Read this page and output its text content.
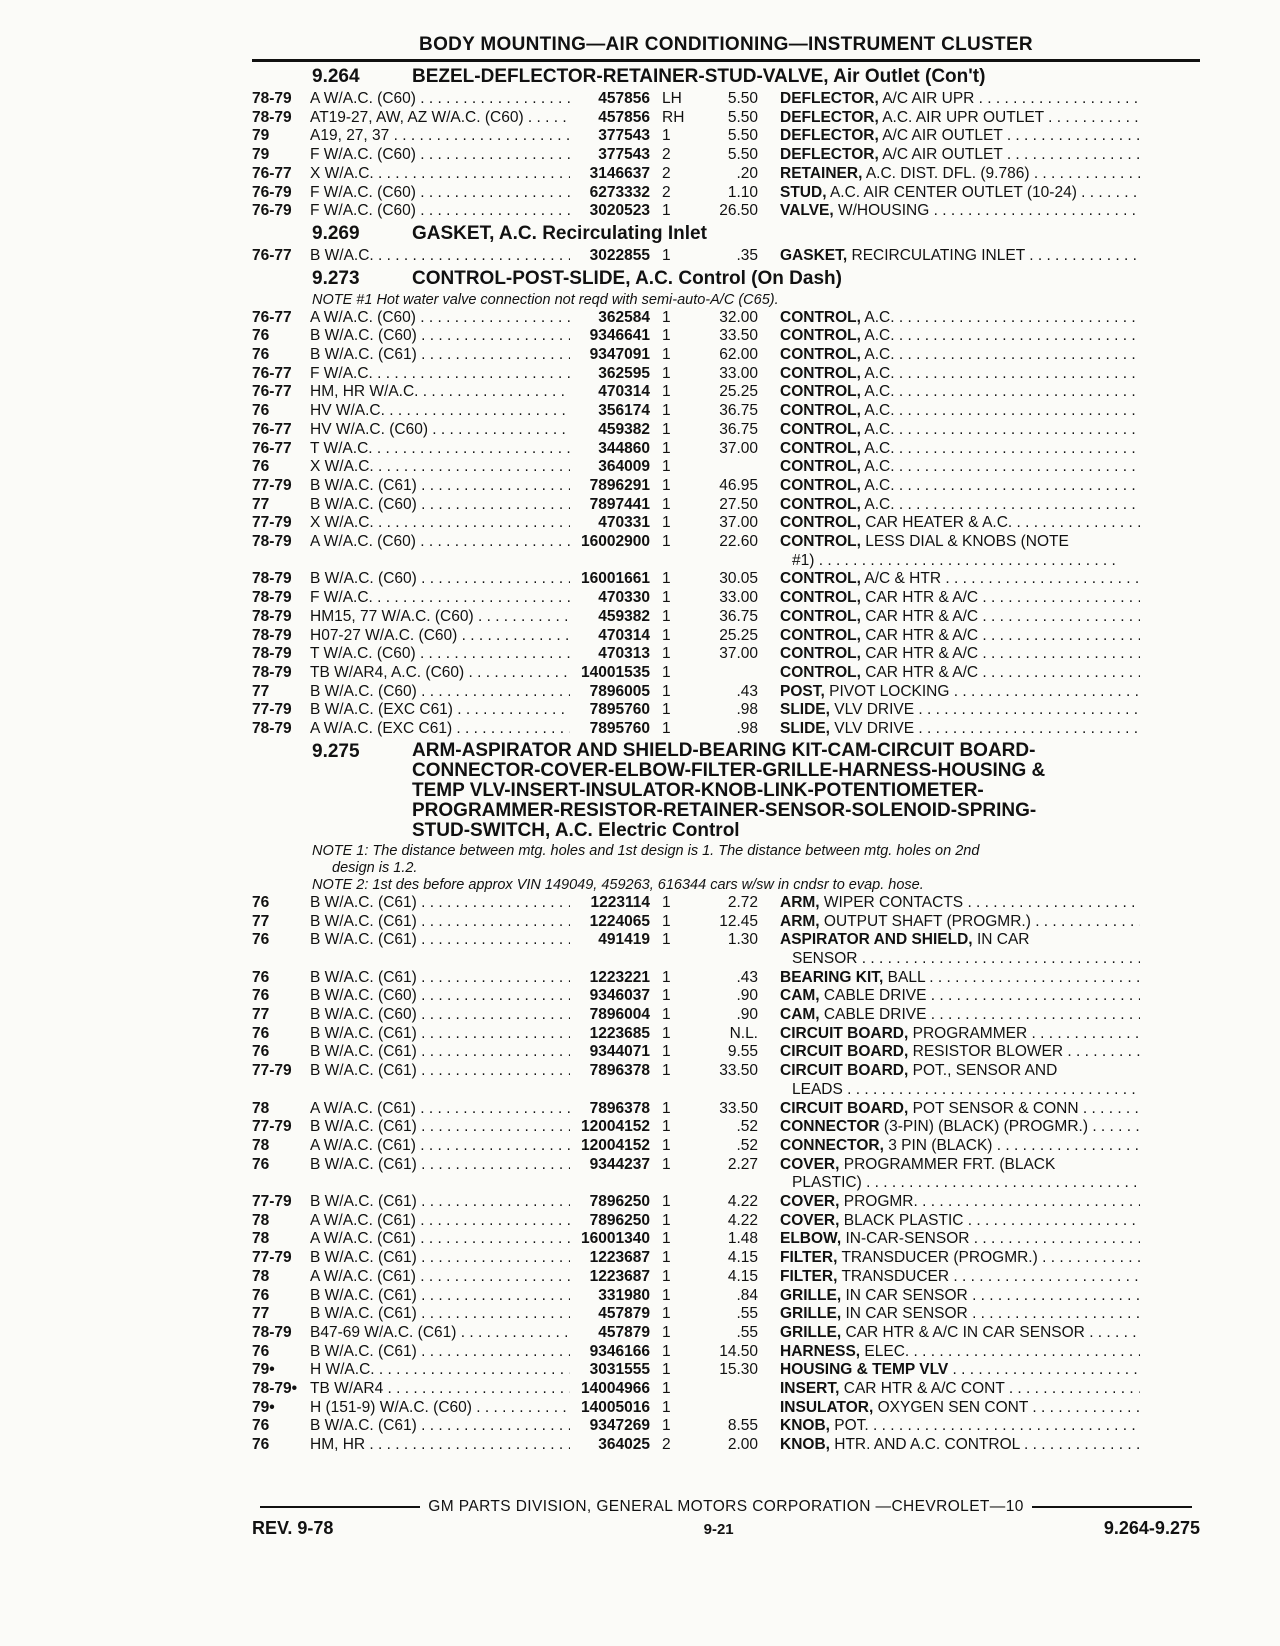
BODY MOUNTING—AIR CONDITIONING—INSTRUMENT CLUSTER
9.264	BEZEL-DEFLECTOR-RETAINER-STUD-VALVE, Air Outlet (Con't)
78-79	A W/A.C. (C60) . . .	457856 LH	5.50	DEFLECTOR, A/C AIR UPR . . .
78-79	AT19-27, AW, AZ W/A.C. (C60) . . .	457856 RH	5.50	DEFLECTOR, A.C. AIR UPR OUTLET . . .
79	A19, 27, 37 . . .	377543 1	5.50	DEFLECTOR, A/C AIR OUTLET . . .
79	F W/A.C. (C60) . . .	377543 2	5.50	DEFLECTOR, A/C AIR OUTLET . . .
76-77	X W/A.C. . . .	3146637 2	.20	RETAINER, A.C. DIST. DFL. (9.786) . . .
76-79	F W/A.C. (C60) . . .	6273332 2	1.10	STUD, A.C. AIR CENTER OUTLET (10-24) . . .
76-79	F W/A.C. (C60) . . .	3020523 1	26.50	VALVE, W/HOUSING . . .
9.269	GASKET, A.C. Recirculating Inlet
76-77	B W/A.C. . . .	3022855 1	.35	GASKET, RECIRCULATING INLET . . .
9.273	CONTROL-POST-SLIDE, A.C. Control (On Dash)
NOTE #1 Hot water valve connection not reqd with semi-auto-A/C (C65).
76-77	A W/A.C. (C60) . . .	362584 1	32.00	CONTROL, A.C. . . .
76	B W/A.C. (C60) . . .	9346641 1	33.50	CONTROL, A.C. . . .
76	B W/A.C. (C61) . . .	9347091 1	62.00	CONTROL, A.C. . . .
76-77	F W/A.C. . . .	362595 1	33.00	CONTROL, A.C. . . .
76-77	HM, HR W/A.C. . . .	470314 1	25.25	CONTROL, A.C. . . .
76	HV W/A.C. . . .	356174 1	36.75	CONTROL, A.C. . . .
76-77	HV W/A.C. (C60) . . .	459382 1	36.75	CONTROL, A.C. . . .
76-77	T W/A.C. . . .	344860 1	37.00	CONTROL, A.C. . . .
76	X W/A.C. . . .	364009 1	CONTROL, A.C. . . .
77-79	B W/A.C. (C61) . . .	7896291 1	46.95	CONTROL, A.C. . . .
77	B W/A.C. (C60) . . .	7897441 1	27.50	CONTROL, A.C. . . .
77-79	X W/A.C. . . .	470331 1	37.00	CONTROL, CAR HEATER & A.C. . . .
78-79	A W/A.C. (C60) . . .	16002900 1	22.60	CONTROL, LESS DIAL & KNOBS (NOTE
#1) . . .
78-79	B W/A.C. (C60) . . .	16001661 1	30.05	CONTROL, A/C & HTR . . .
78-79	F W/A.C. . . .	470330 1	33.00	CONTROL, CAR HTR & A/C . . .
78-79	HM15, 77 W/A.C. (C60) . . .	459382 1	36.75	CONTROL, CAR HTR & A/C . . .
78-79	H07-27 W/A.C. (C60) . . .	470314 1	25.25	CONTROL, CAR HTR & A/C . . .
78-79	T W/A.C. (C60) . . .	470313 1	37.00	CONTROL, CAR HTR & A/C . . .
78-79	TB W/AR4, A.C. (C60) . . .	14001535 1	CONTROL, CAR HTR & A/C . . .
77	B W/A.C. (C60) . . .	7896005 1	.43	POST, PIVOT LOCKING . . .
77-79	B W/A.C. (EXC C61) . . .	7895760 1	.98	SLIDE, VLV DRIVE . . .
78-79	A W/A.C. (EXC C61) . . .	7895760 1	.98	SLIDE, VLV DRIVE . . .
9.275	ARM-ASPIRATOR AND SHIELD-BEARING KIT-CAM-CIRCUIT BOARD-
CONNECTOR-COVER-ELBOW-FILTER-GRILLE-HARNESS-HOUSING &
TEMP VLV-INSERT-INSULATOR-KNOB-LINK-POTENTIOMETER-
PROGRAMMER-RESISTOR-RETAINER-SENSOR-SOLENOID-SPRING-
STUD-SWITCH, A.C. Electric Control
NOTE 1: The distance between mtg. holes and 1st design is 1. The distance between mtg. holes on 2nd
design is 1.2.
NOTE 2: 1st des before approx VIN 149049, 459263, 616344 cars w/sw in cndsr to evap. hose.
76	B W/A.C. (C61) . . .	1223114 1	2.72	ARM, WIPER CONTACTS . . .
77	B W/A.C. (C61) . . .	1224065 1	12.45	ARM, OUTPUT SHAFT (PROGMR.) . . .
76	B W/A.C. (C61) . . .	491419 1	1.30	ASPIRATOR AND SHIELD, IN CAR
SENSOR . . .
76	B W/A.C. (C61) . . .	1223221 1	.43	BEARING KIT, BALL . . .
76	B W/A.C. (C60) . . .	9346037 1	.90	CAM, CABLE DRIVE . . .
77	B W/A.C. (C60) . . .	7896004 1	.90	CAM, CABLE DRIVE . . .
76	B W/A.C. (C61) . . .	1223685 1	N.L.	CIRCUIT BOARD, PROGRAMMER . . .
76	B W/A.C. (C61) . . .	9344071 1	9.55	CIRCUIT BOARD, RESISTOR BLOWER . . .
77-79	B W/A.C. (C61) . . .	7896378 1	33.50	CIRCUIT BOARD, POT., SENSOR AND
LEADS . . .
78	A W/A.C. (C61) . . .	7896378 1	33.50	CIRCUIT BOARD, POT SENSOR & CONN . . .
77-79	B W/A.C. (C61) . . .	12004152 1	.52	CONNECTOR (3-PIN) (BLACK) (PROGMR.) . . .
78	A W/A.C. (C61) . . .	12004152 1	.52	CONNECTOR, 3 PIN (BLACK) . . .
76	B W/A.C. (C61) . . .	9344237 1	2.27	COVER, PROGRAMMER FRT. (BLACK
PLASTIC) . . .
77-79	B W/A.C. (C61) . . .	7896250 1	4.22	COVER, PROGMR. . . .
78	A W/A.C. (C61) . . .	7896250 1	4.22	COVER, BLACK PLASTIC . . .
78	A W/A.C. (C61) . . .	16001340 1	1.48	ELBOW, IN-CAR-SENSOR . . .
77-79	B W/A.C. (C61) . . .	1223687 1	4.15	FILTER, TRANSDUCER (PROGMR.) . . .
78	A W/A.C. (C61) . . .	1223687 1	4.15	FILTER, TRANSDUCER . . .
76	B W/A.C. (C61) . . .	331980 1	.84	GRILLE, IN CAR SENSOR . . .
77	B W/A.C. (C61) . . .	457879 1	.55	GRILLE, IN CAR SENSOR . . .
78-79	B47-69 W/A.C. (C61) . . .	457879 1	.55	GRILLE, CAR HTR & A/C IN CAR SENSOR . . .
76	B W/A.C. (C61) . . .	9346166 1	14.50	HARNESS, ELEC. . . .
79•	H W/A.C. . . .	3031555 1	15.30	HOUSING & TEMP VLV . . .
78-79• TB W/AR4 . . .	14004966 1	INSERT, CAR HTR & A/C CONT . . .
79•	H (151-9) W/A.C. (C60) . . .	14005016 1	INSULATOR, OXYGEN SEN CONT . . .
76	B W/A.C. (C61) . . .	9347269 1	8.55	KNOB, POT. . . .
76	HM, HR . . .	364025 2	2.00	KNOB, HTR. AND A.C. CONTROL . . .
GM PARTS DIVISION, GENERAL MOTORS CORPORATION —CHEVROLET—10
REV. 9-78	9-21	9.264-9.275
